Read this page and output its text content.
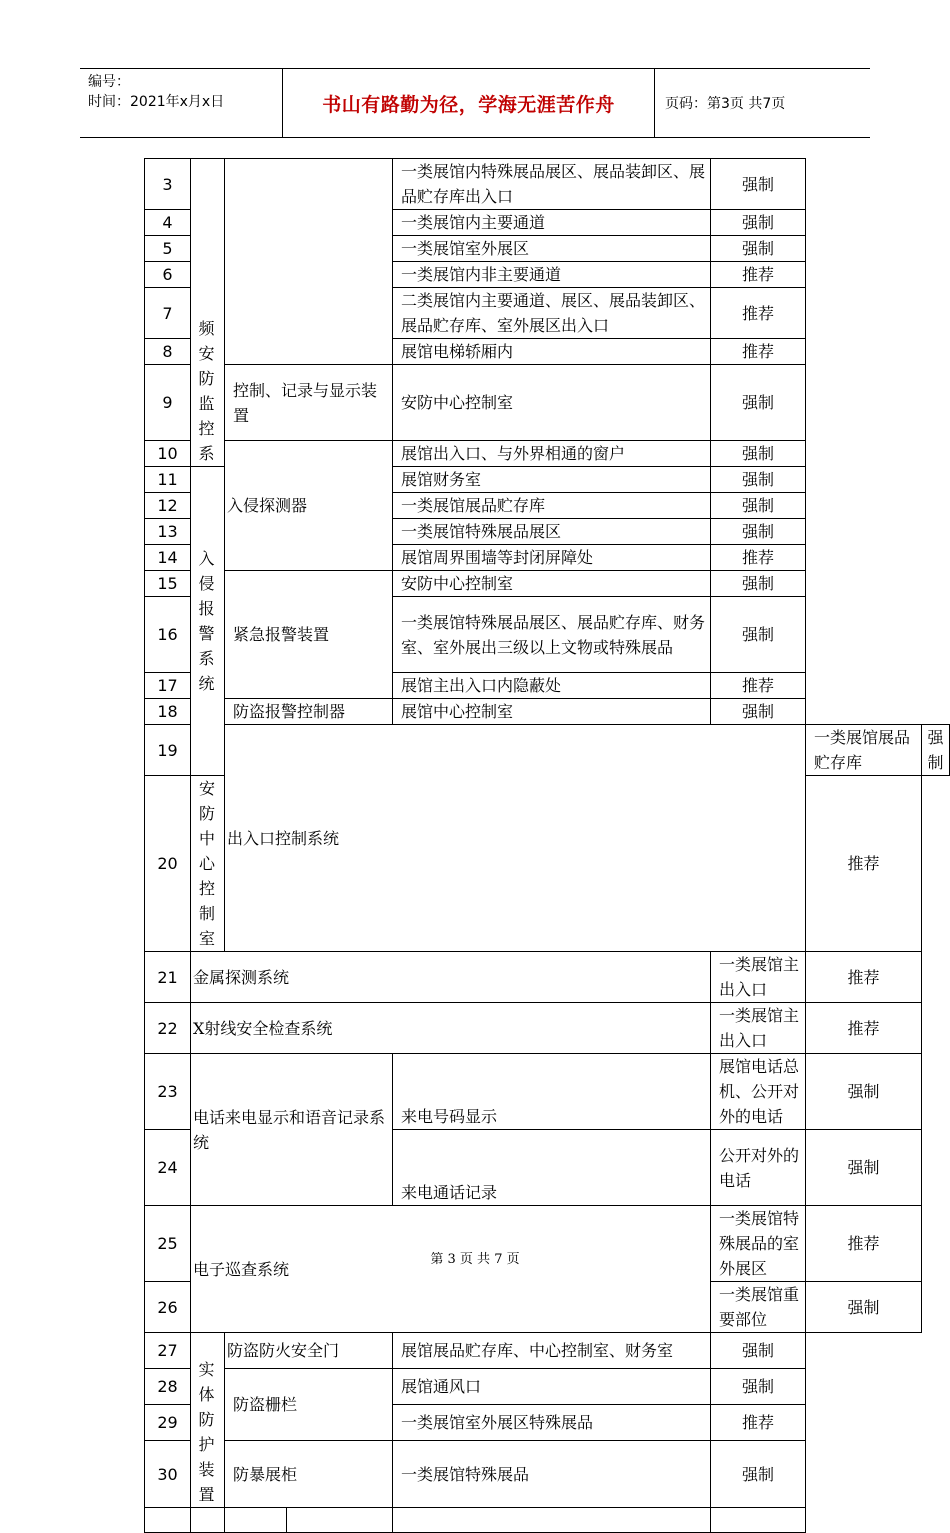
编号：
时间：2021年x月x日	书山有路勤为径，学海无涯苦作舟	页码：第3页 共7页
3	频安防监控系			一类展馆内特殊展品展区、展品装卸区、展品贮存库出入口	强制		
4				一类展馆内主要通道	强制		
5				一类展馆室外展区	强制		
6				一类展馆内非主要通道	推荐		
7				二类展馆内主要通道、展区、展品装卸区、展品贮存库、室外展区出入口	推荐		
8				展馆电梯轿厢内	推荐		
9		控制、记录与显示装置		安防中心控制室	强制		
10		入侵探测器		展馆出入口、与外界相通的窗户	强制		
11	入侵报警系统			展馆财务室	强制		
12				一类展馆展品贮存库	强制		
13				一类展馆特殊展品展区	强制		
14				展馆周界围墙等封闭屏障处	推荐		
15		紧急报警装置		安防中心控制室	强制		
16				一类展馆特殊展品展区、展品贮存库、财务室、室外展出三级以上文物或特殊展品	强制		
17				展馆主出入口内隐蔽处	推荐		
18		防盗报警控制器		展馆中心控制室	强制		
19		出入口控制系统				一类展馆展品贮存库	强制
20	安防中心控制室					推荐	
21	金属探测系统				一类展馆主出入口	推荐	
22	X射线安全检查系统				一类展馆主出入口	推荐	
23	电话来电显示和语音记录系统			来电号码显示	展馆电话总机、公开对外的电话	强制	
24				来电通话记录	公开对外的电话	强制	
25	电子巡查系统				一类展馆特殊展品的室外展区	推荐	
26					一类展馆重要部位	强制	
27	实体防护装置	防盗防火安全门		展馆展品贮存库、中心控制室、财务室	强制		
28		防盗栅栏		展馆通风口	强制		
29				一类展馆室外展区特殊展品	推荐		
30		防暴展柜		一类展馆特殊展品	强制		

第 3 页 共 7 页
